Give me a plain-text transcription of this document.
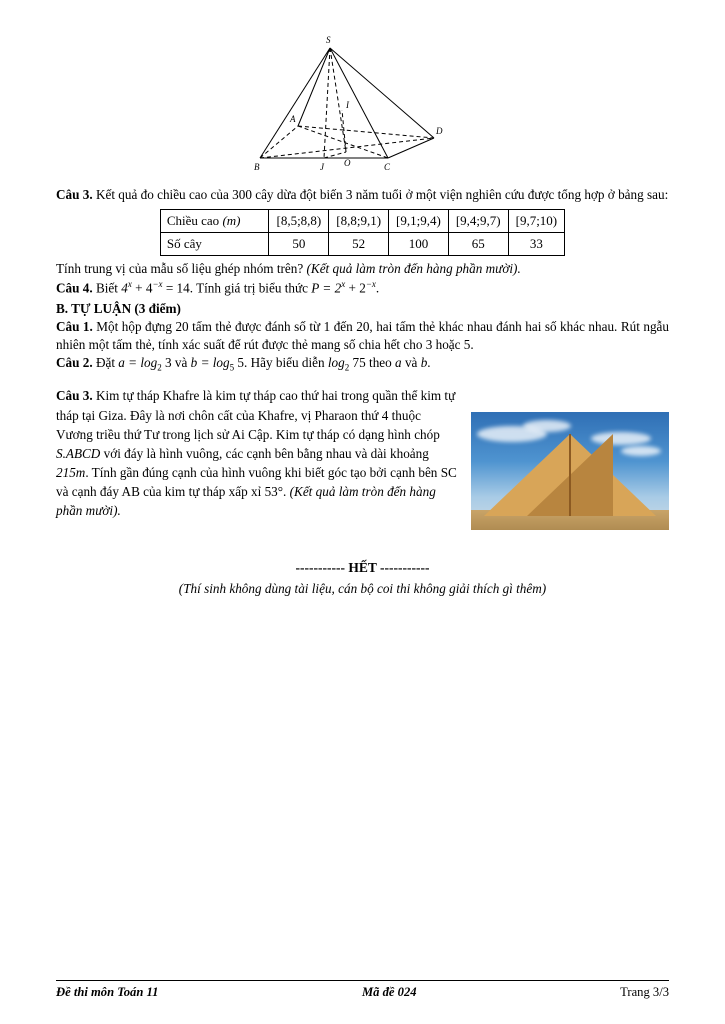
S
I
A
D
B	J O	C

Câu 3. Kết quả đo chiều cao của 300 cây dừa đột biến 3 năm tuổi ở một viện nghiên cứu được tổng hợp ở bảng sau:

Chiều cao (m)	[8,5;8,8)	[8,8;9,1)	[9,1;9,4)	[9,4;9,7)	[9,7;10)
Số cây	50	52	100	65	33

Tính trung vị của mẫu số liệu ghép nhóm trên? (Kết quả làm tròn đến hàng phần mười).

Câu 4. Biết $4^x + 4^{-x} = 14$. Tính giá trị biểu thức $P = 2^x + 2^{-x}$.

B. TỰ LUẬN (3 điểm)

Câu 1. Một hộp đựng 20 tấm thẻ được đánh số từ 1 đến 20, hai tấm thẻ khác nhau đánh hai số khác nhau. Rút ngẫu nhiên một tấm thẻ, tính xác suất để rút được thẻ mang số chia hết cho 3 hoặc 5.

Câu 2. Đặt $a = \log_2 3$ và $b = \log_5 5$. Hãy biểu diễn $\log_2 75$ theo a và b.

Câu 3. Kim tự tháp Khafre là kim tự tháp cao thứ hai trong quần thể kim tự tháp tại Giza. Đây là nơi chôn cất của Khafre, vị Pharaon thứ 4 thuộc Vương triều thứ Tư trong lịch sử Ai Cập. Kim tự tháp có dạng hình chóp S.ABCD với đáy là hình vuông, các cạnh bên bằng nhau và dài khoảng 215m. Tính gần đúng cạnh của hình vuông khi biết góc tạo bởi cạnh bên SC và cạnh đáy AB của kim tự tháp xấp xỉ 53°. (Kết quả làm tròn đến hàng phần mười).
----------- HẾT -----------
(Thí sinh không dùng tài liệu, cán bộ coi thi không giải thích gì thêm)
Đề thi môn Toán 11	Mã đề 024	Trang 3/3
